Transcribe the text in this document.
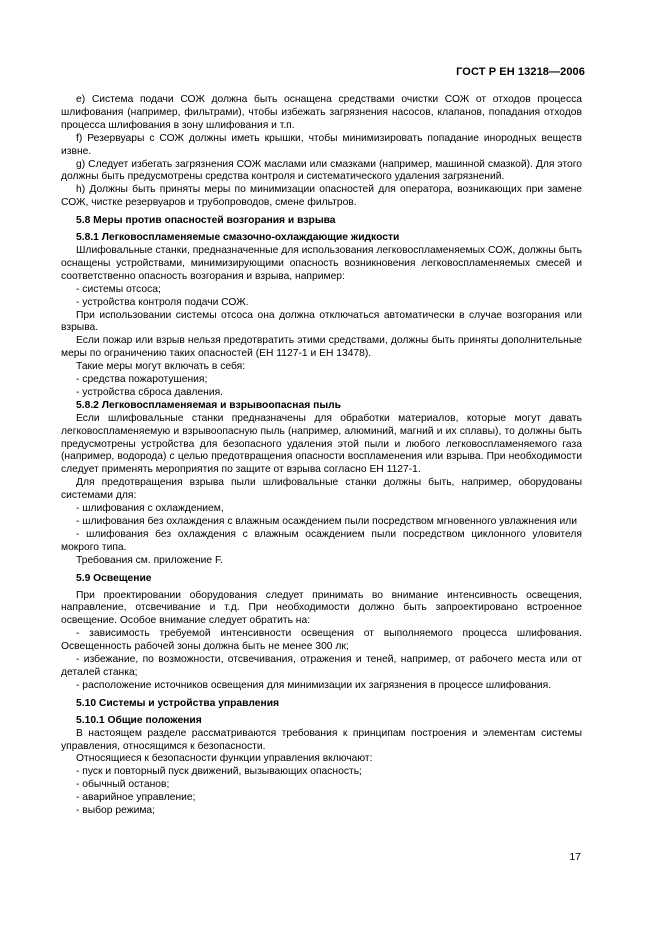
ГОСТ Р ЕН 13218—2006

e) Система подачи СОЖ должна быть оснащена средствами очистки СОЖ от отходов процесса шлифования (например, фильтрами), чтобы избежать загрязнения насосов, клапанов, попадания отходов процесса шлифования в зону шлифования и т.п.

f) Резервуары с СОЖ должны иметь крышки, чтобы минимизировать попадание инородных веществ извне.

g) Следует избегать загрязнения СОЖ маслами или смазками (например, машинной смазкой). Для этого должны быть предусмотрены средства контроля и систематического удаления загрязнений.

h) Должны быть приняты меры по минимизации опасностей для оператора, возникающих при замене СОЖ, чистке резервуаров и трубопроводов, смене фильтров.

5.8 Меры против опасностей возгорания и взрыва

5.8.1 Легковоспламеняемые смазочно-охлаждающие жидкости

Шлифовальные станки, предназначенные для использования легковоспламеняемых СОЖ, должны быть оснащены устройствами, минимизирующими опасность возникновения легковоспламеняемых смесей и соответственно опасность возгорания и взрыва, например:

- системы отсоса;

- устройства контроля подачи СОЖ.

При использовании системы отсоса она должна отключаться автоматически в случае возгорания или взрыва.

Если пожар или взрыв нельзя предотвратить этими средствами, должны быть приняты дополнительные меры по ограничению таких опасностей (ЕН 1127-1 и ЕН 13478).

Такие меры могут включать в себя:

- средства пожаротушения;

- устройства сброса давления.

5.8.2 Легковоспламеняемая и взрывоопасная пыль

Если шлифовальные станки предназначены для обработки материалов, которые могут давать легковоспламеняемую и взрывоопасную пыль (например, алюминий, магний и их сплавы), то должны быть предусмотрены устройства для безопасного удаления этой пыли и любого легковоспламеняемого газа (например, водорода) с целью предотвращения опасности воспламенения или взрыва. При необходимости следует применять мероприятия по защите от взрыва согласно ЕН 1127-1.

Для предотвращения взрыва пыли шлифовальные станки должны быть, например, оборудованы системами для:

- шлифования с охлаждением,

- шлифования без охлаждения с влажным осаждением пыли посредством мгновенного увлажнения или

- шлифования без охлаждения с влажным осаждением пыли посредством циклонного уловителя мокрого типа.

Требования см. приложение F.

5.9 Освещение

При проектировании оборудования следует принимать во внимание интенсивность освещения, направление, отсвечивание и т.д. При необходимости должно быть запроектировано встроенное освещение. Особое внимание следует обратить на:

- зависимость требуемой интенсивности освещения от выполняемого процесса шлифования. Освещенность рабочей зоны должна быть не менее 300 лк;

- избежание, по возможности, отсвечивания, отражения и теней, например, от рабочего места или от деталей станка;

- расположение источников освещения для минимизации их загрязнения в процессе шлифования.

5.10 Системы и устройства управления

5.10.1 Общие положения

В настоящем разделе рассматриваются требования к принципам построения и элементам системы управления, относящимся к безопасности.

Относящиеся к безопасности функции управления включают:

- пуск и повторный пуск движений, вызывающих опасность;

- обычный останов;

- аварийное управление;

- выбор режима;

17
